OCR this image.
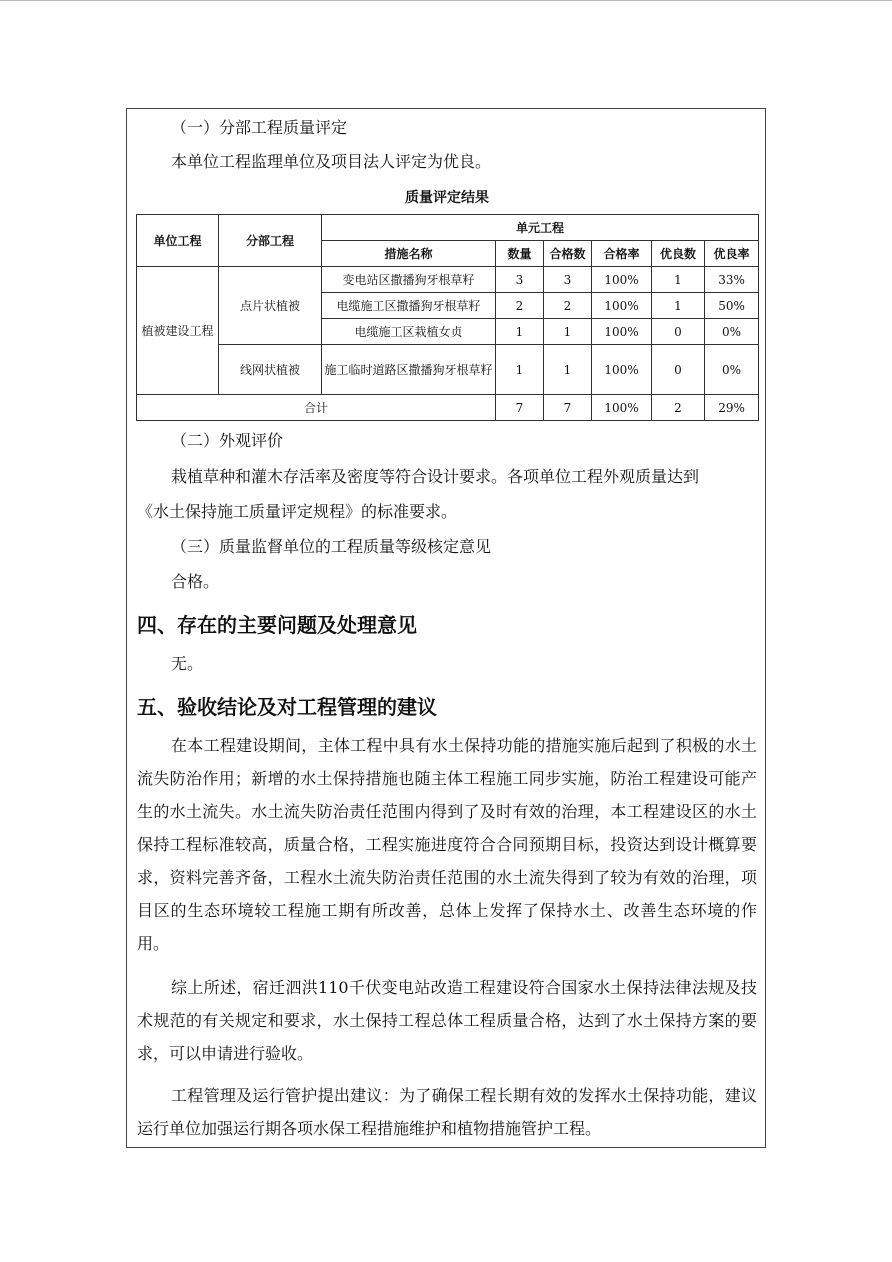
（一）分部工程质量评定
本单位工程监理单位及项目法人评定为优良。
质量评定结果
单位工程	分部工程	单元工程					
		措施名称	数量	合格数	合格率	优良数	优良率
植被建设工程	点片状植被	变电站区撒播狗牙根草籽	3	3	100%	1	33%
		电缆施工区撒播狗牙根草籽	2	2	100%	1	50%
		电缆施工区栽植女贞	1	1	100%	0	0%
	线网状植被	施工临时道路区撒播狗牙根草籽	1	1	100%	0	0%
合计			7	7	100%	2	29%
（二）外观评价
栽植草种和灌木存活率及密度等符合设计要求。各项单位工程外观质量达到
《水土保持施工质量评定规程》的标准要求。
（三）质量监督单位的工程质量等级核定意见
合格。
四、存在的主要问题及处理意见
无。
五、验收结论及对工程管理的建议
在本工程建设期间，主体工程中具有水土保持功能的措施实施后起到了积极的水土流失防治作用；新增的水土保持措施也随主体工程施工同步实施，防治工程建设可能产生的水土流失。水土流失防治责任范围内得到了及时有效的治理，本工程建设区的水土保持工程标准较高，质量合格，工程实施进度符合合同预期目标，投资达到设计概算要求，资料完善齐备，工程水土流失防治责任范围的水土流失得到了较为有效的治理，项目区的生态环境较工程施工期有所改善，总体上发挥了保持水土、改善生态环境的作用。
综上所述，宿迁泗洪110千伏变电站改造工程建设符合国家水土保持法律法规及技术规范的有关规定和要求，水土保持工程总体工程质量合格，达到了水土保持方案的要求，可以申请进行验收。
工程管理及运行管护提出建议：为了确保工程长期有效的发挥水土保持功能，建议运行单位加强运行期各项水保工程措施维护和植物措施管护工程。
